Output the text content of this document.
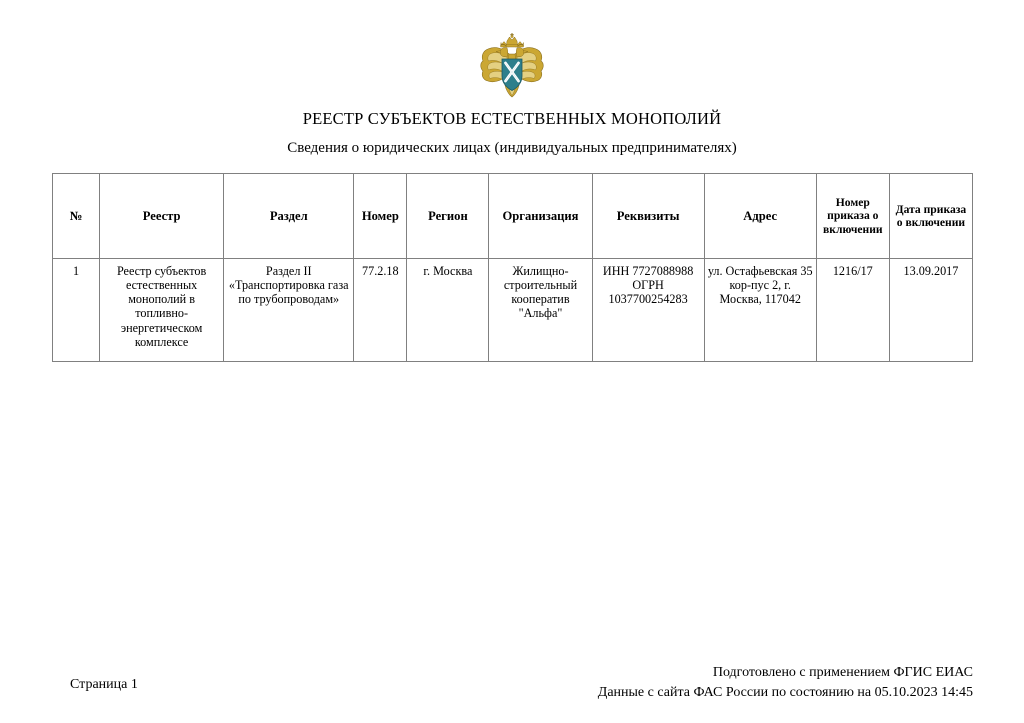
РЕЕСТР СУБЪЕКТОВ ЕСТЕСТВЕННЫХ МОНОПОЛИЙ
Сведения о юридических лицах (индивидуальных предпринимателях)
№	Реестр	Раздел	Номер	Регион	Организация	Реквизиты	Адрес	Номер приказа о включении	Дата приказа о включении
1	Реестр субъектов естественных монополий в топливно-энергетическом комплексе	Раздел II «Транспортировка газа по трубопроводам»	77.2.18	г. Москва	Жилищно-строительный кооператив "Альфа"	ИНН 7727088988 ОГРН 1037700254283	ул. Остафьевская 35 кор-пус 2, г. Москва, 117042	1216/17	13.09.2017
Страница 1
Подготовлено с применением ФГИС ЕИАС
Данные с сайта ФАС России по состоянию на 05.10.2023 14:45
